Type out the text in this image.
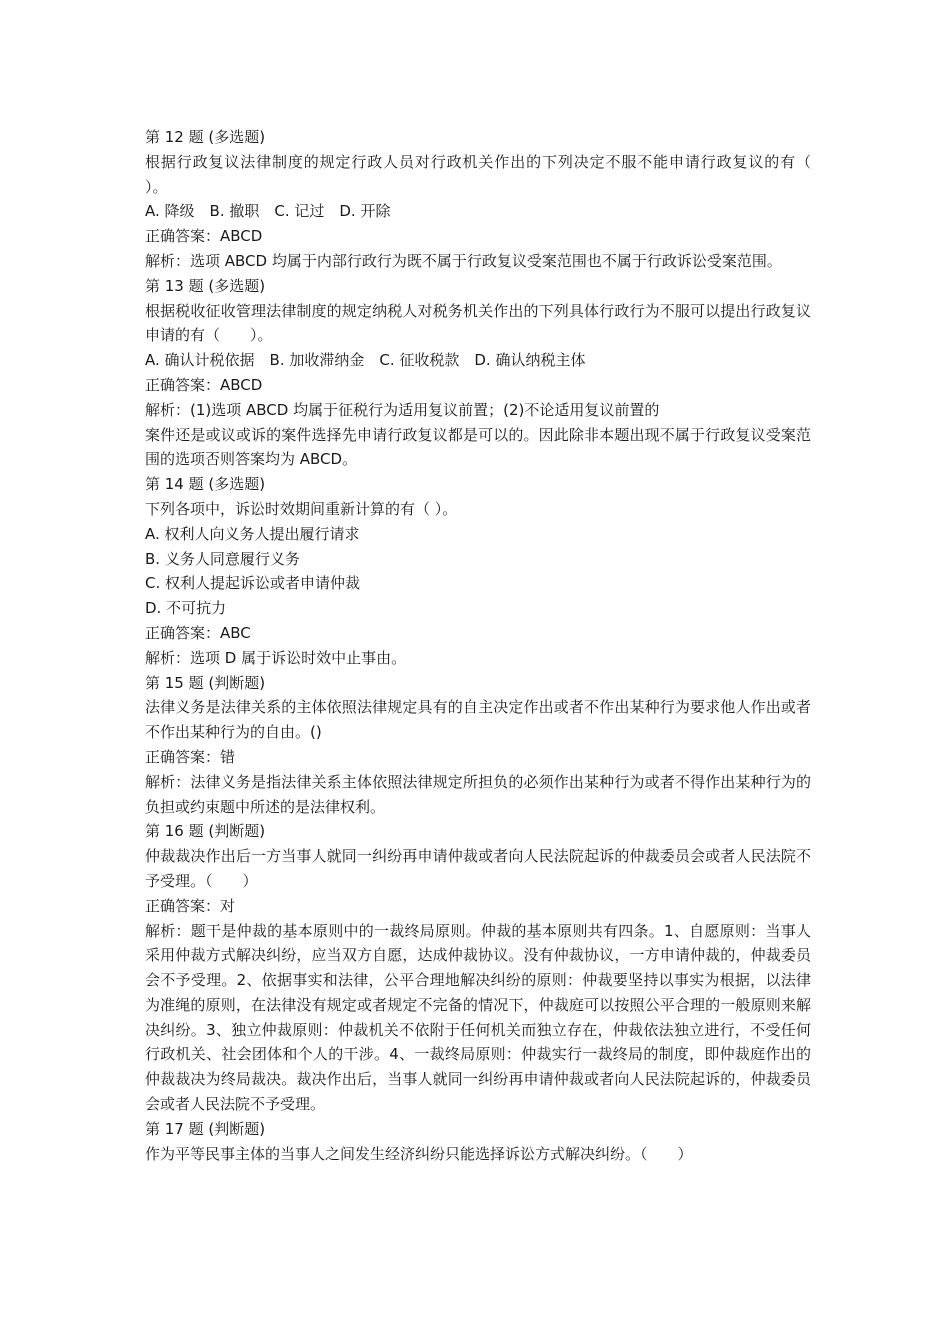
第 12 题 (多选题)
根据行政复议法律制度的规定行政人员对行政机关作出的下列决定不服不能申请行政复议的有（　　）。
A. 降级　B. 撤职　C. 记过　D. 开除
正确答案：ABCD
解析：选项 ABCD 均属于内部行政行为既不属于行政复议受案范围也不属于行政诉讼受案范围。
第 13 题 (多选题)
根据税收征收管理法律制度的规定纳税人对税务机关作出的下列具体行政行为不服可以提出行政复议申请的有（　　）。
A. 确认计税依据　B. 加收滞纳金　C. 征收税款　D. 确认纳税主体
正确答案：ABCD
解析：(1)选项 ABCD 均属于征税行为适用复议前置；(2)不论适用复议前置的
案件还是或议或诉的案件选择先申请行政复议都是可以的。因此除非本题出现不属于行政复议受案范围的选项否则答案均为 ABCD。
第 14 题 (多选题)
下列各项中，诉讼时效期间重新计算的有（ ）。
A. 权利人向义务人提出履行请求
B. 义务人同意履行义务
C. 权利人提起诉讼或者申请仲裁
D. 不可抗力
正确答案：ABC
解析：选项 D 属于诉讼时效中止事由。
第 15 题 (判断题)
法律义务是法律关系的主体依照法律规定具有的自主决定作出或者不作出某种行为要求他人作出或者不作出某种行为的自由。()
正确答案：错
解析：法律义务是指法律关系主体依照法律规定所担负的必须作出某种行为或者不得作出某种行为的负担或约束题中所述的是法律权利。
第 16 题 (判断题)
仲裁裁决作出后一方当事人就同一纠纷再申请仲裁或者向人民法院起诉的仲裁委员会或者人民法院不予受理。（　　）
正确答案：对
解析：题干是仲裁的基本原则中的一裁终局原则。仲裁的基本原则共有四条。1、自愿原则：当事人采用仲裁方式解决纠纷，应当双方自愿，达成仲裁协议。没有仲裁协议，一方申请仲裁的，仲裁委员会不予受理。2、依据事实和法律，公平合理地解决纠纷的原则：仲裁要坚持以事实为根据，以法律为准绳的原则，在法律没有规定或者规定不完备的情况下，仲裁庭可以按照公平合理的一般原则来解决纠纷。3、独立仲裁原则：仲裁机关不依附于任何机关而独立存在，仲裁依法独立进行，不受任何行政机关、社会团体和个人的干涉。4、一裁终局原则：仲裁实行一裁终局的制度，即仲裁庭作出的仲裁裁决为终局裁决。裁决作出后，当事人就同一纠纷再申请仲裁或者向人民法院起诉的，仲裁委员会或者人民法院不予受理。
第 17 题 (判断题)
作为平等民事主体的当事人之间发生经济纠纷只能选择诉讼方式解决纠纷。（　　）
